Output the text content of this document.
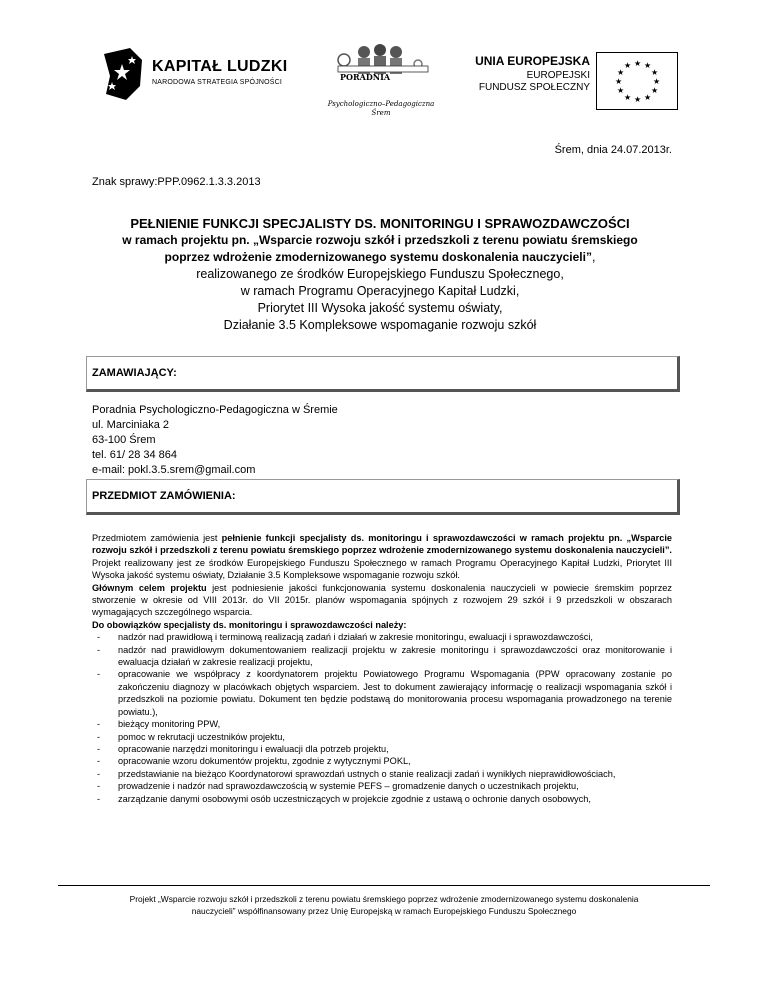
KAPITAŁ LUDZKI
NARODOWA STRATEGIA SPÓJNOŚCI
PORADNIA
Psychologiczno–Pedagogiczna
Śrem
UNIA EUROPEJSKA
EUROPEJSKI
FUNDUSZ SPOŁECZNY
★ ★
★
★
★
★
★
★
★
★
★
★
Śrem, dnia 24.07.2013r.
Znak sprawy:PPP.0962.1.3.3.2013
PEŁNIENIE FUNKCJI SPECJALISTY DS. MONITORINGU I SPRAWOZDAWCZOŚCI
w ramach projektu pn. „Wsparcie rozwoju szkół i przedszkoli z terenu powiatu śremskiego
poprzez wdrożenie zmodernizowanego systemu doskonalenia nauczycieli”,
realizowanego ze środków Europejskiego Funduszu Społecznego,
w ramach Programu Operacyjnego Kapitał Ludzki,
Priorytet III Wysoka jakość systemu oświaty,
Działanie 3.5 Kompleksowe wspomaganie rozwoju szkół
ZAMAWIAJĄCY:
Poradnia Psychologiczno-Pedagogiczna w Śremie
ul. Marciniaka 2
63-100 Śrem
tel. 61/ 28 34 864
e-mail: pokl.3.5.srem@gmail.com
PRZEDMIOT ZAMÓWIENIA:

Przedmiotem zamówienia jest pełnienie funkcji specjalisty ds. monitoringu i sprawozdawczości w ramach projektu pn. „Wsparcie rozwoju szkół i przedszkoli z terenu powiatu śremskiego poprzez wdrożenie zmodernizowanego systemu doskonalenia nauczycieli”. Projekt realizowany jest ze środków Europejskiego Funduszu Społecznego w ramach Programu Operacyjnego Kapitał Ludzki, Priorytet III Wysoka jakość systemu oświaty, Działanie 3.5 Kompleksowe wspomaganie rozwoju szkół.

Głównym celem projektu jest podniesienie jakości funkcjonowania systemu doskonalenia nauczycieli w powiecie śremskim poprzez stworzenie w okresie od VIII 2013r. do VII 2015r. planów wspomagania spójnych z rozwojem 29 szkół i 9 przedszkoli w obszarach wymagających szczególnego wsparcia.

Do obowiązków specjalisty ds. monitoringu i sprawozdawczości należy:

- nadzór nad prawidłową i terminową realizacją zadań i działań w zakresie monitoringu, ewaluacji i sprawozdawczości,
- nadzór nad prawidłowym dokumentowaniem realizacji projektu w zakresie monitoringu i sprawozdawczości oraz monitorowanie i ewaluacja działań w zakresie realizacji projektu,
- opracowanie we współpracy z koordynatorem projektu Powiatowego Programu Wspomagania (PPW opracowany zostanie po zakończeniu diagnozy w placówkach objętych wsparciem. Jest to dokument zawierający informację o realizacji wspomagania szkół i przedszkoli na poziomie powiatu. Dokument ten będzie podstawą do monitorowania procesu wspomagania prowadzonego na terenie powiatu.),
- bieżący monitoring PPW,
- pomoc w rekrutacji uczestników projektu,
- opracowanie narzędzi monitoringu i ewaluacji dla potrzeb projektu,
- opracowanie wzoru dokumentów projektu, zgodnie z wytycznymi POKL,
- przedstawianie na bieżąco Koordynatorowi sprawozdań ustnych o stanie realizacji zadań i wynikłych nieprawidłowościach,
- prowadzenie i nadzór nad sprawozdawczością w systemie PEFS – gromadzenie danych o uczestnikach projektu,
- zarządzanie danymi osobowymi osób uczestniczących w projekcie zgodnie z ustawą o ochronie danych osobowych,
Projekt „Wsparcie rozwoju szkół i przedszkoli z terenu powiatu śremskiego poprzez wdrożenie zmodernizowanego systemu doskonalenia
nauczycieli” współfinansowany przez Unię Europejską w ramach Europejskiego Funduszu Społecznego
